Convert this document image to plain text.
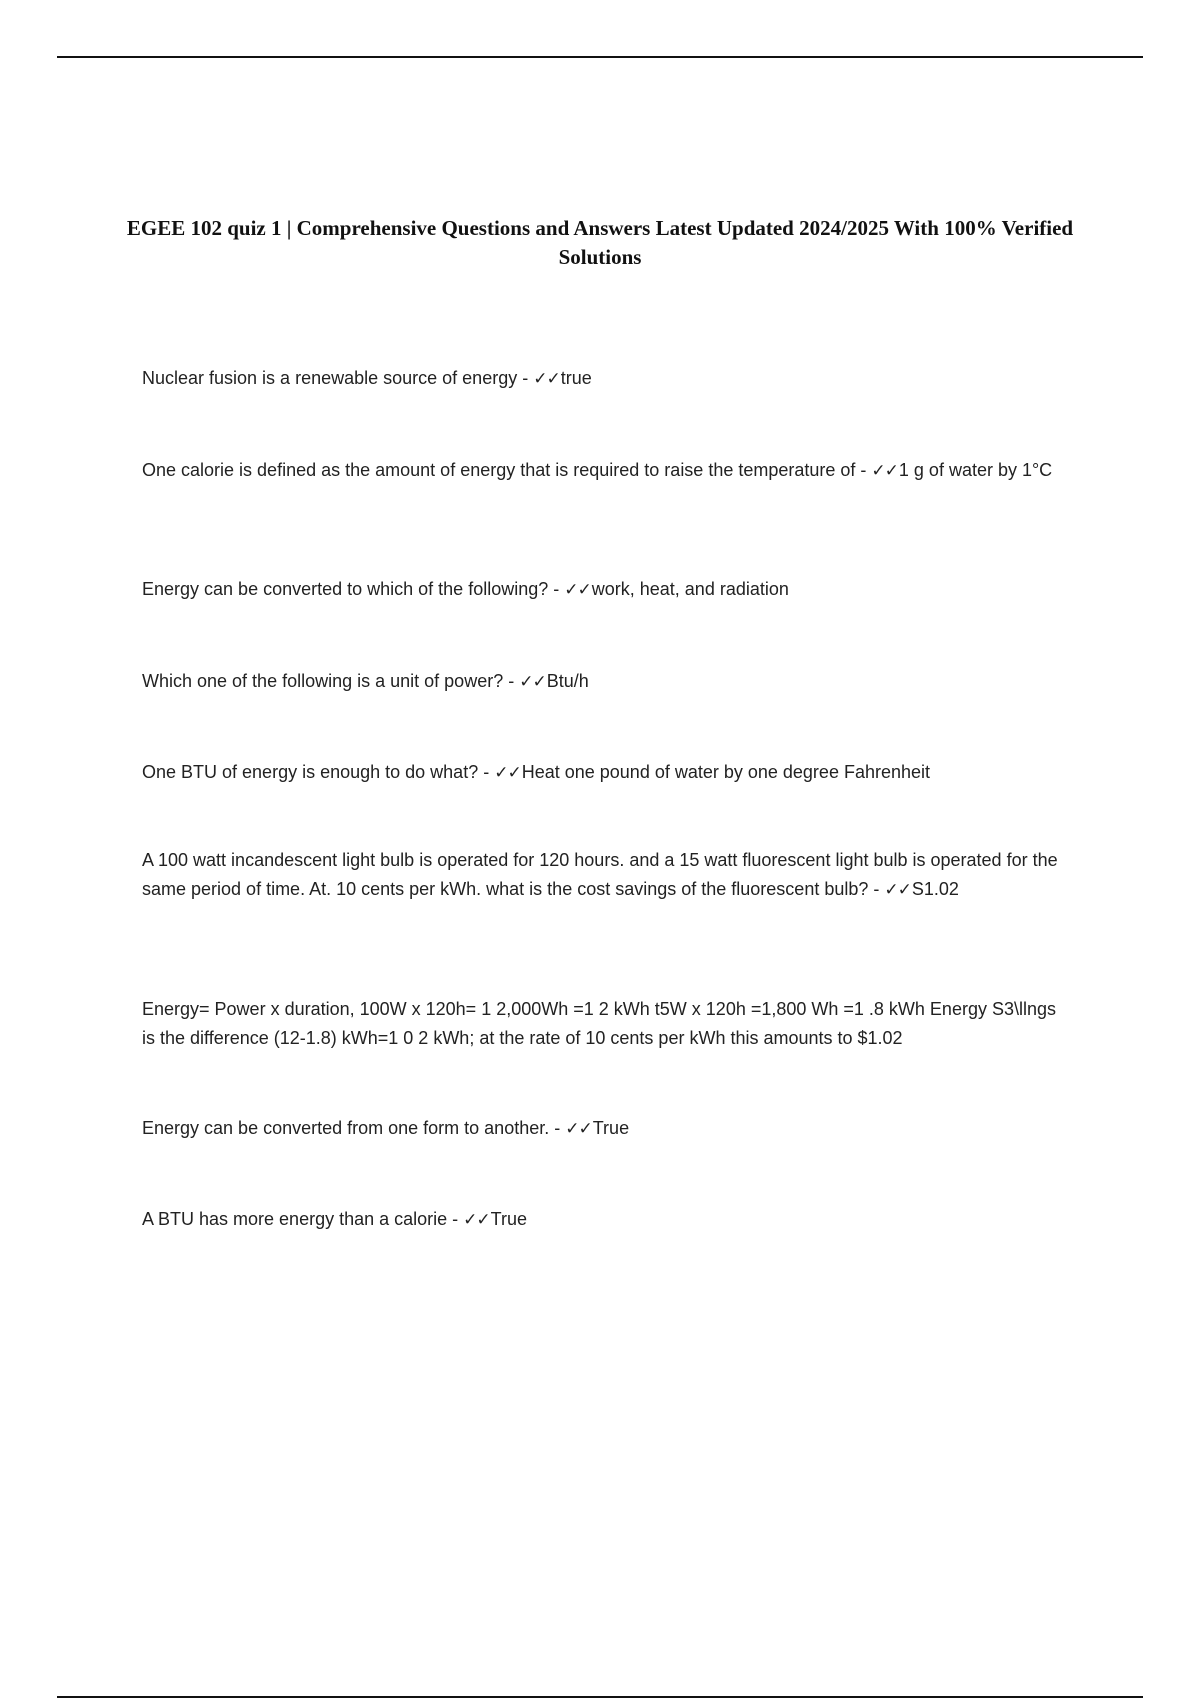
EGEE 102 quiz 1 | Comprehensive Questions and Answers Latest Updated 2024/2025 With 100% Verified Solutions

Nuclear fusion is a renewable source of energy - ✓✓true

One calorie is defined as the amount of energy that is required to raise the temperature of - ✓✓1 g of water by 1°C

Energy can be converted to which of the following? - ✓✓work, heat, and radiation

Which one of the following is a unit of power? - ✓✓Btu/h

One BTU of energy is enough to do what? - ✓✓Heat one pound of water by one degree Fahrenheit

A 100 watt incandescent light bulb is operated for 120 hours. and a 15 watt fluorescent light bulb is operated for the same period of time. At. 10 cents per kWh. what is the cost savings of the fluorescent bulb? - ✓✓S1.02

Energy= Power x duration, 100W x 120h= 1 2,000Wh =1 2 kWh t5W x 120h =1,800 Wh =1 .8 kWh Energy S3\llngs is the difference (12-1.8) kWh=1 0 2 kWh; at the rate of 10 cents per kWh this amounts to $1.02

Energy can be converted from one form to another. - ✓✓True

A BTU has more energy than a calorie - ✓✓True
